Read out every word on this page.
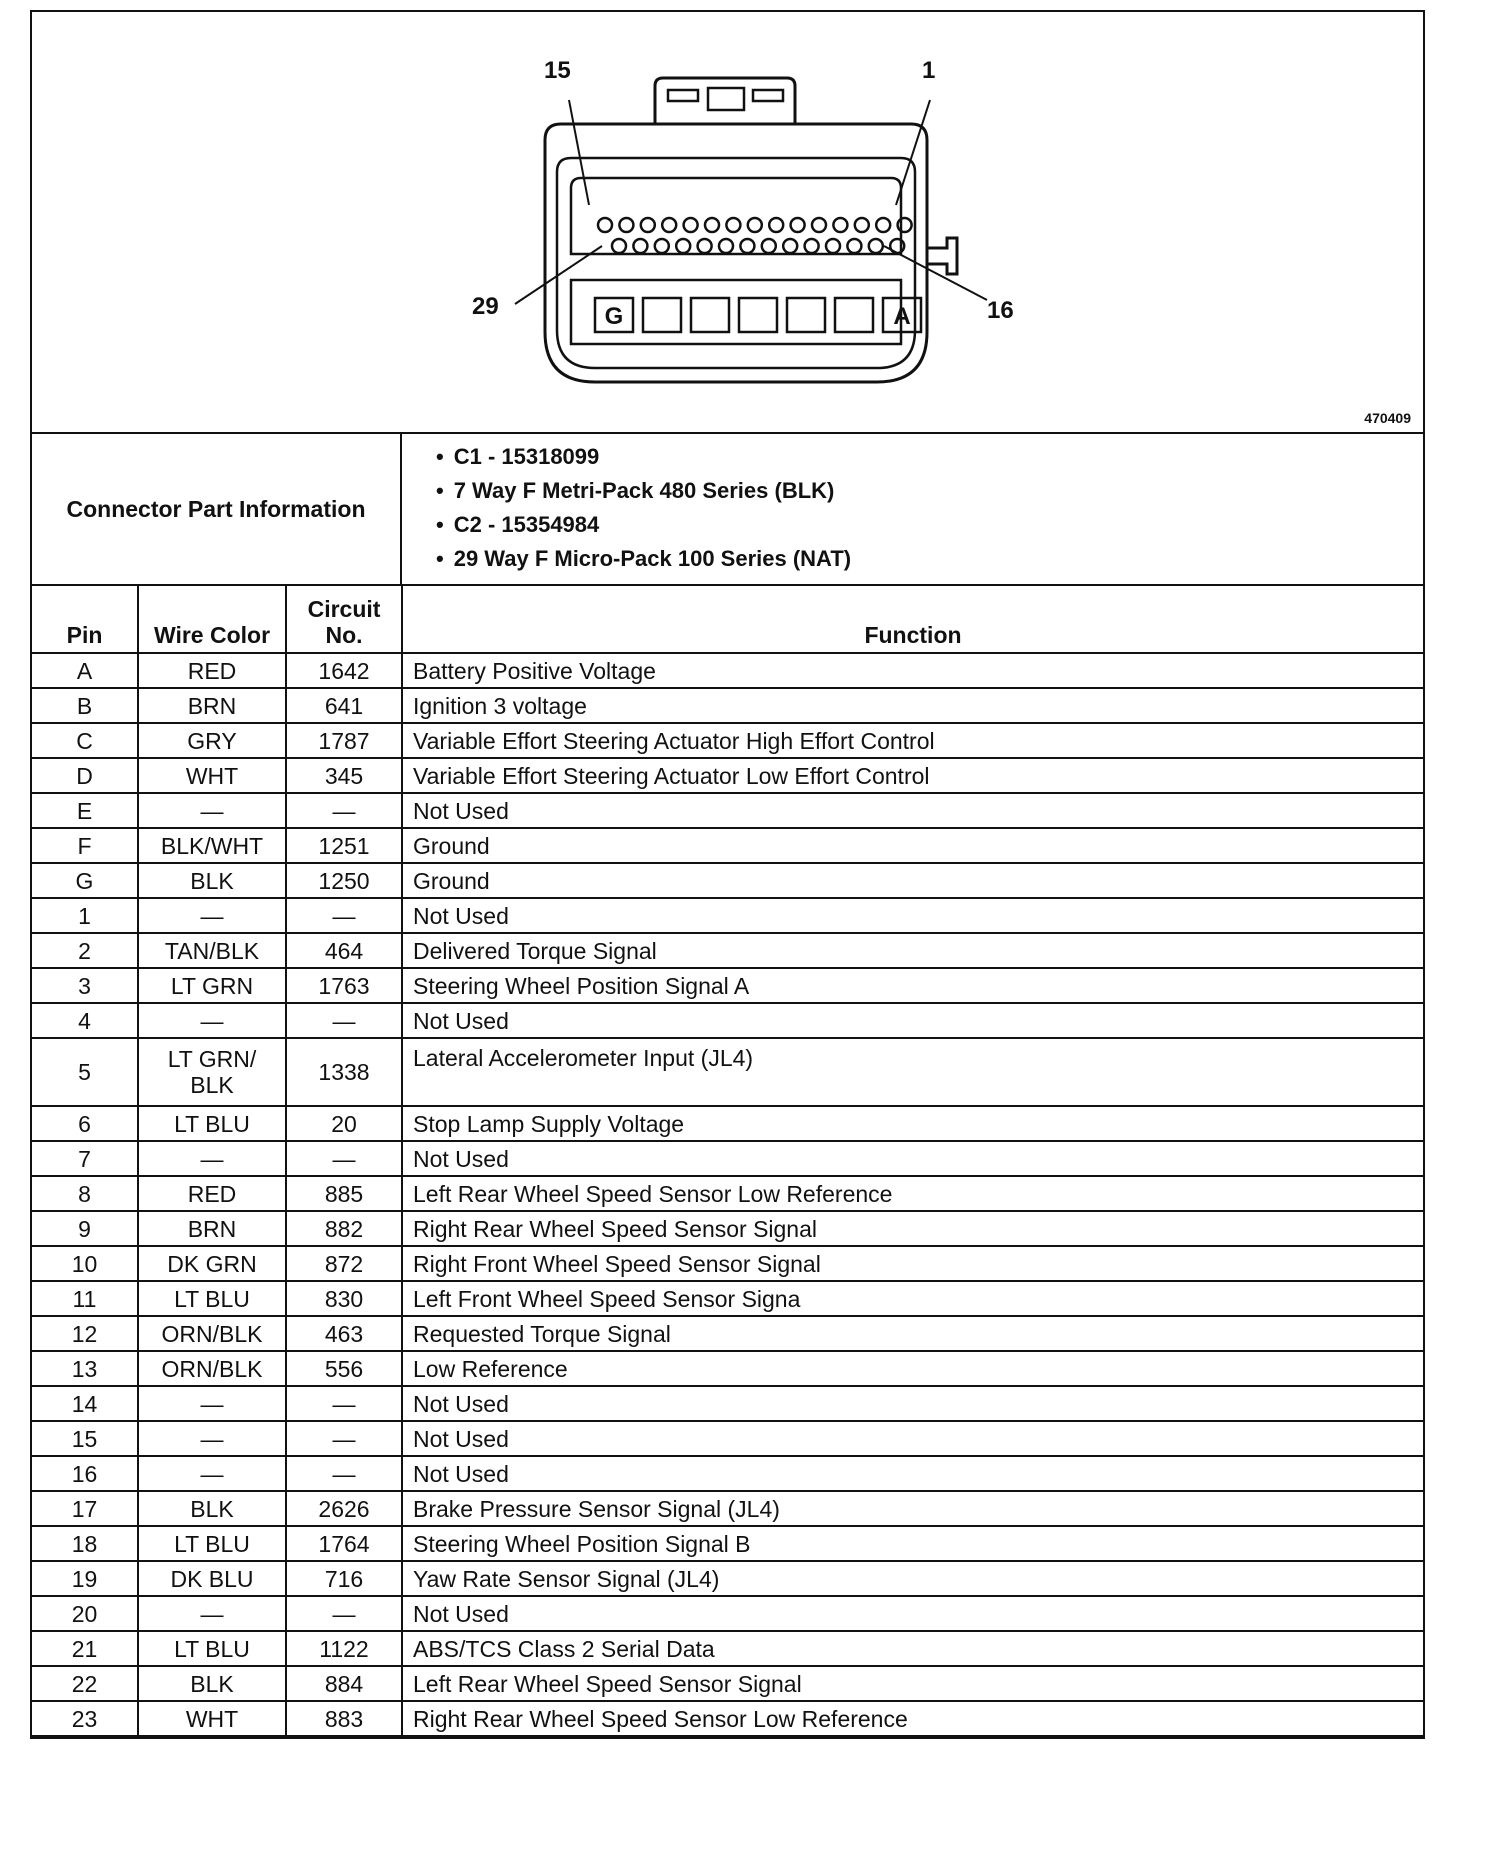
G	A
15	1
29	16
470409
Connector Part Information
• C1 - 15318099
• 7 Way F Metri-Pack 480 Series (BLK)
• C2 - 15354984
• 29 Way F Micro-Pack 100 Series (NAT)
Pin	Wire Color	Circuit No.	Function
A	RED	1642	Battery Positive Voltage
B	BRN	641	Ignition 3 voltage
C	GRY	1787	Variable Effort Steering Actuator High Effort Control
D	WHT	345	Variable Effort Steering Actuator Low Effort Control
E	—	—	Not Used
F	BLK/WHT	1251	Ground
G	BLK	1250	Ground
1	—	—	Not Used
2	TAN/BLK	464	Delivered Torque Signal
3	LT GRN	1763	Steering Wheel Position Signal A
4	—	—	Not Used
5	LT GRN/ BLK	1338	Lateral Accelerometer Input (JL4)
6	LT BLU	20	Stop Lamp Supply Voltage
7	—	—	Not Used
8	RED	885	Left Rear Wheel Speed Sensor Low Reference
9	BRN	882	Right Rear Wheel Speed Sensor Signal
10	DK GRN	872	Right Front Wheel Speed Sensor Signal
11	LT BLU	830	Left Front Wheel Speed Sensor Signa
12	ORN/BLK	463	Requested Torque Signal
13	ORN/BLK	556	Low Reference
14	—	—	Not Used
15	—	—	Not Used
16	—	—	Not Used
17	BLK	2626	Brake Pressure Sensor Signal (JL4)
18	LT BLU	1764	Steering Wheel Position Signal B
19	DK BLU	716	Yaw Rate Sensor Signal (JL4)
20	—	—	Not Used
21	LT BLU	1122	ABS/TCS Class 2 Serial Data
22	BLK	884	Left Rear Wheel Speed Sensor Signal
23	WHT	883	Right Rear Wheel Speed Sensor Low Reference
